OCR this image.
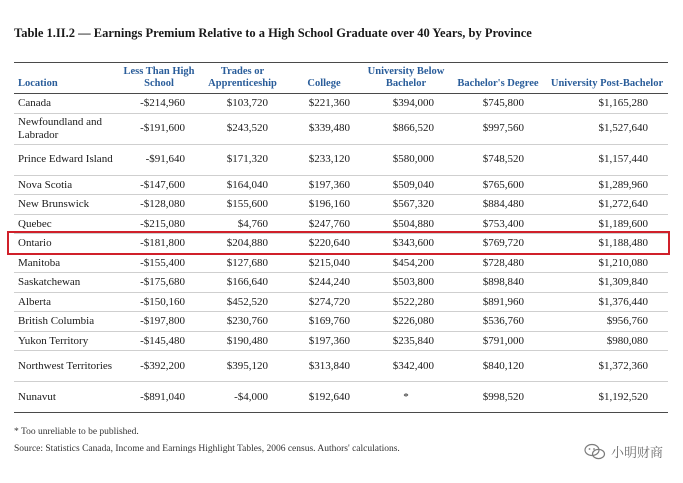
Table 1.II.2 — Earnings Premium Relative to a High School Graduate over 40 Years, by Province
Location	Less Than High School	Trades or Apprenticeship	College	University Below Bachelor	Bachelor's Degree	University Post-Bachelor
Canada	-$214,960	$103,720	$221,360	$394,000	$745,800	$1,165,280
Newfoundland and Labrador	-$191,600	$243,520	$339,480	$866,520	$997,560	$1,527,640
Prince Edward Island	-$91,640	$171,320	$233,120	$580,000	$748,520	$1,157,440
Nova Scotia	-$147,600	$164,040	$197,360	$509,040	$765,600	$1,289,960
New Brunswick	-$128,080	$155,600	$196,160	$567,320	$884,480	$1,272,640
Quebec	-$215,080	$4,760	$247,760	$504,880	$753,400	$1,189,600
Ontario	-$181,800	$204,880	$220,640	$343,600	$769,720	$1,188,480
Manitoba	-$155,400	$127,680	$215,040	$454,200	$728,480	$1,210,080
Saskatchewan	-$175,680	$166,640	$244,240	$503,800	$898,840	$1,309,840
Alberta	-$150,160	$452,520	$274,720	$522,280	$891,960	$1,376,440
British Columbia	-$197,800	$230,760	$169,760	$226,080	$536,760	$956,760
Yukon Territory	-$145,480	$190,480	$197,360	$235,840	$791,000	$980,080
Northwest Territories	-$392,200	$395,120	$313,840	$342,400	$840,120	$1,372,360
Nunavut	-$891,040	-$4,000	$192,640	*	$998,520	$1,192,520
* Too unreliable to be published.
Source: Statistics Canada, Income and Earnings Highlight Tables, 2006 census. Authors' calculations.	小明财商
